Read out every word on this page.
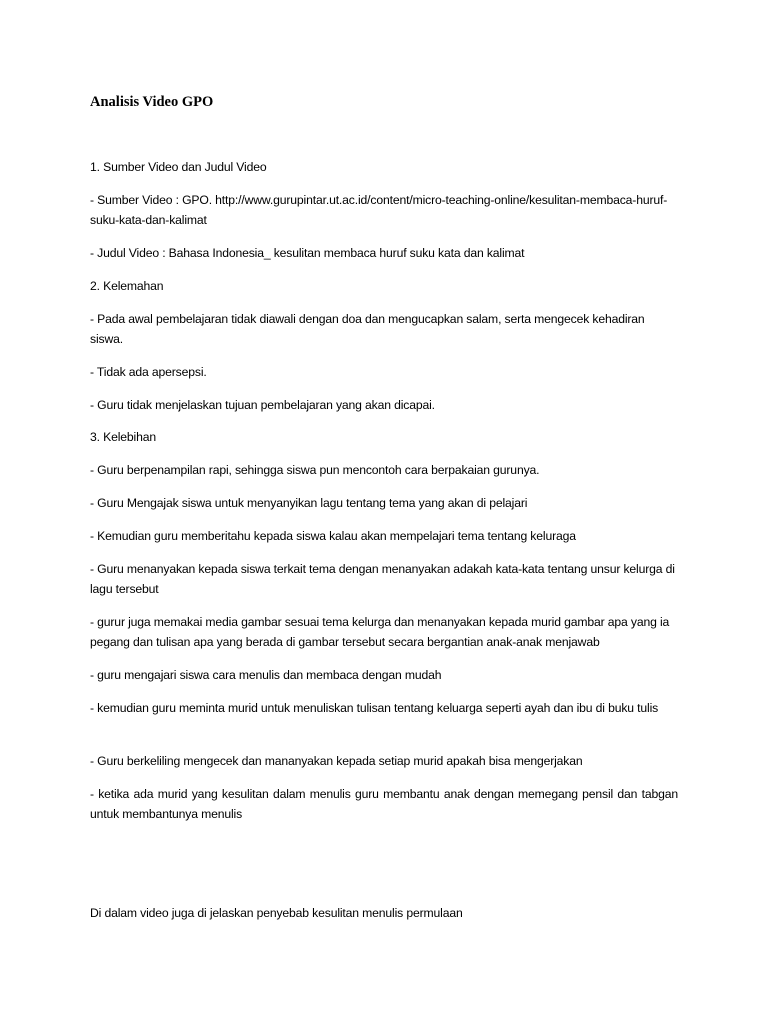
Analisis Video GPO

1. Sumber Video dan Judul Video

- Sumber Video : GPO. http://www.gurupintar.ut.ac.id/content/micro-teaching-online/kesulitan-membaca-huruf-suku-kata-dan-kalimat

- Judul Video : Bahasa Indonesia_ kesulitan membaca huruf suku kata dan kalimat

2. Kelemahan

- Pada awal pembelajaran tidak diawali dengan doa dan mengucapkan salam, serta mengecek kehadiran siswa.

- Tidak ada apersepsi.

- Guru tidak menjelaskan tujuan pembelajaran yang akan dicapai.

3. Kelebihan

- Guru berpenampilan rapi, sehingga siswa pun mencontoh cara berpakaian gurunya.

- Guru Mengajak siswa untuk menyanyikan lagu tentang tema yang akan di pelajari

- Kemudian guru memberitahu kepada siswa kalau akan mempelajari tema tentang keluraga

- Guru menanyakan kepada siswa terkait tema dengan menanyakan adakah kata-kata tentang unsur kelurga di lagu tersebut

- gurur juga memakai media gambar sesuai tema kelurga dan menanyakan kepada murid gambar apa yang ia pegang dan tulisan apa yang berada di gambar tersebut secara bergantian anak-anak menjawab

- guru mengajari siswa cara menulis dan membaca dengan mudah

- kemudian guru meminta murid untuk menuliskan tulisan tentang keluarga seperti ayah dan ibu di buku tulis

- Guru berkeliling mengecek dan mananyakan kepada setiap murid apakah bisa mengerjakan

- ketika ada murid yang kesulitan dalam menulis guru membantu anak dengan memegang pensil dan tabgan untuk membantunya menulis

Di dalam video juga di jelaskan penyebab kesulitan menulis permulaan
